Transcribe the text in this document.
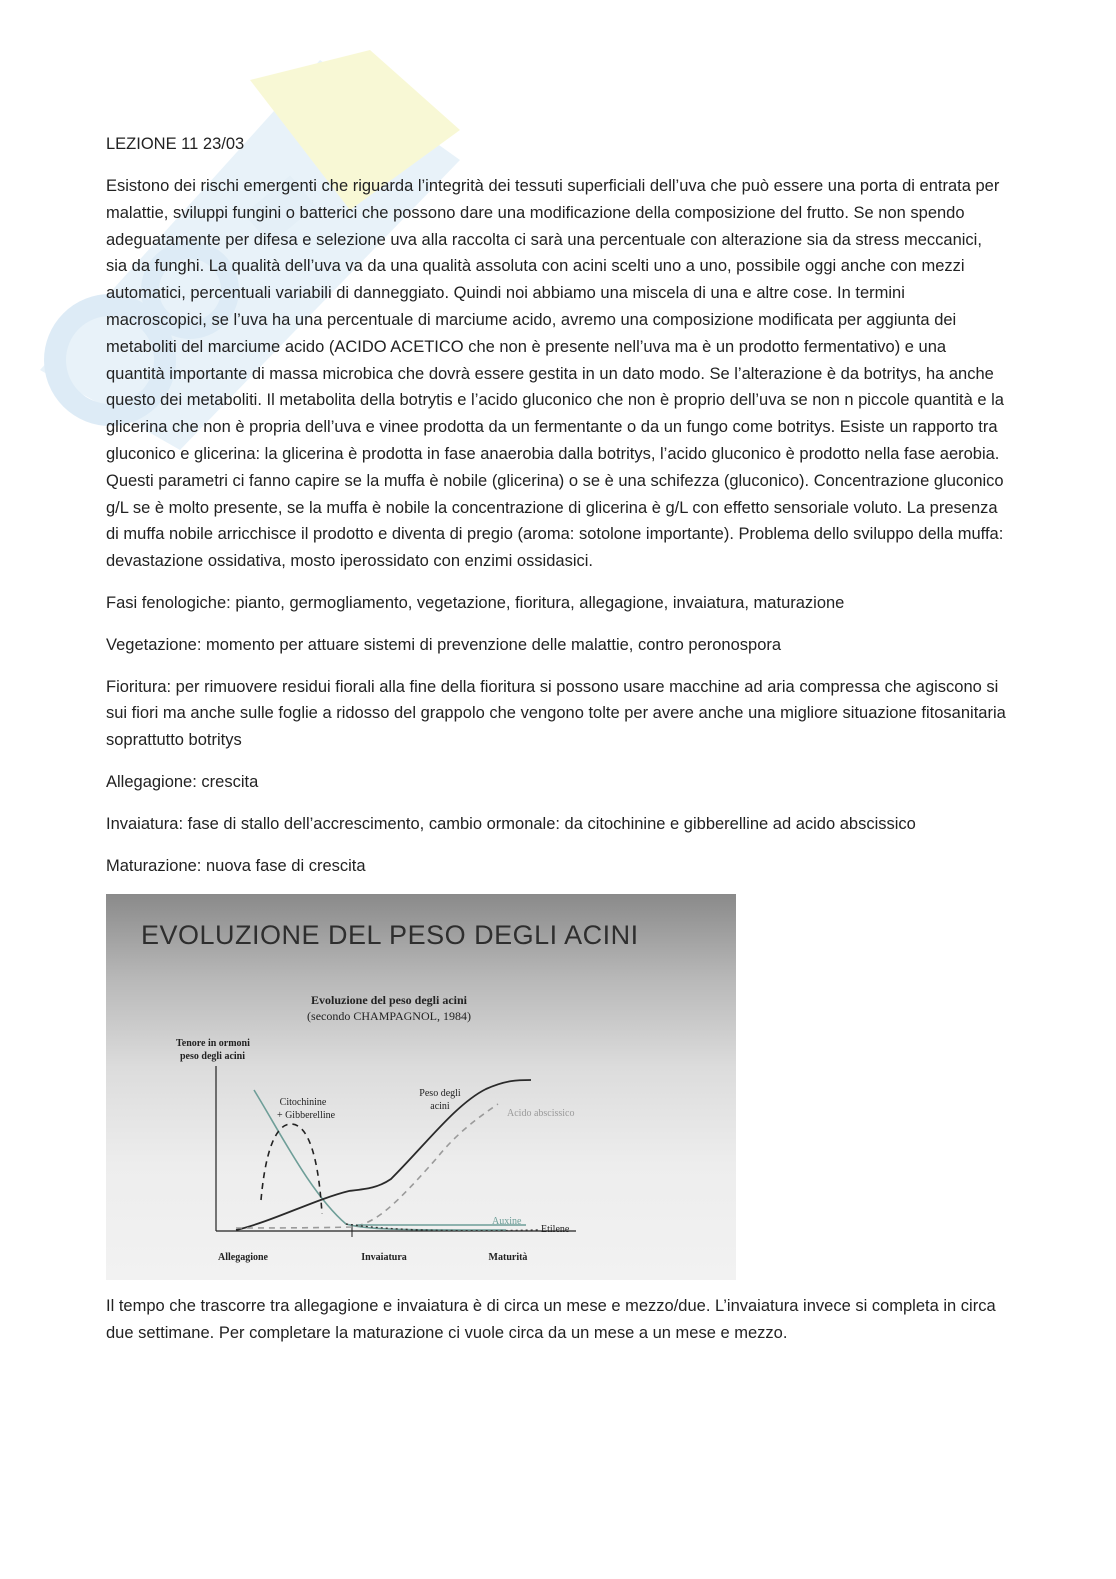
LEZIONE 11 23/03

Esistono dei rischi emergenti che riguarda l’integrità dei tessuti superficiali dell’uva che può essere una porta di entrata per malattie, sviluppi fungini o batterici che possono dare una modificazione della composizione del frutto. Se non spendo adeguatamente per difesa e selezione uva alla raccolta ci sarà una percentuale con alterazione sia da stress meccanici, sia da funghi. La qualità dell’uva va da una qualità assoluta con acini scelti uno a uno, possibile oggi anche con mezzi automatici, percentuali variabili di danneggiato. Quindi noi abbiamo una miscela di una e altre cose. In termini macroscopici, se l’uva ha una percentuale di marciume acido, avremo una composizione modificata per aggiunta dei metaboliti del marciume acido (ACIDO ACETICO che non è presente nell’uva ma è un prodotto fermentativo) e una quantità importante di massa microbica che dovrà essere gestita in un dato modo. Se l’alterazione è da botritys, ha anche questo dei metaboliti. Il metabolita della botrytis e l’acido gluconico che non è proprio dell’uva se non n piccole quantità e la glicerina che non è propria dell’uva e vinee prodotta da un fermentante o da un fungo come botritys. Esiste un rapporto tra gluconico e glicerina: la glicerina è prodotta in fase anaerobia dalla botritys, l’acido gluconico è prodotto nella fase aerobia. Questi parametri ci fanno capire se la muffa è nobile (glicerina) o se è una schifezza (gluconico). Concentrazione gluconico g/L se è molto presente, se la muffa è nobile la concentrazione di glicerina è g/L con effetto sensoriale voluto. La presenza di muffa nobile arricchisce il prodotto e diventa di pregio (aroma: sotolone importante). Problema dello sviluppo della muffa: devastazione ossidativa, mosto iperossidato con enzimi ossidasici.

Fasi fenologiche: pianto, germogliamento, vegetazione, fioritura, allegagione, invaiatura, maturazione

Vegetazione: momento per attuare sistemi di prevenzione delle malattie, contro peronospora

Fioritura: per rimuovere residui fiorali alla fine della fioritura si possono usare macchine ad aria compressa che agiscono si sui fiori ma anche sulle foglie a ridosso del grappolo che vengono tolte per avere anche una migliore situazione fitosanitaria soprattutto botritys

Allegagione: crescita

Invaiatura: fase di stallo dell’accrescimento, cambio ormonale: da citochinine e gibberelline ad acido abscissico

Maturazione: nuova fase di crescita

EVOLUZIONE DEL PESO DEGLI ACINI
Evoluzione del peso degli acini
(secondo CHAMPAGNOL, 1984)
Tenore in ormoni
peso degli acini
Citochinine
+ Gibberelline
Peso degli
acini
Acido abscissico
Auxine
Etilene
Allegagione	Invaiatura	Maturità

Il tempo che trascorre tra allegagione e invaiatura è di circa un mese e mezzo/due. L’invaiatura invece si completa in circa due settimane. Per completare la maturazione ci vuole circa da un mese a un mese e mezzo.
